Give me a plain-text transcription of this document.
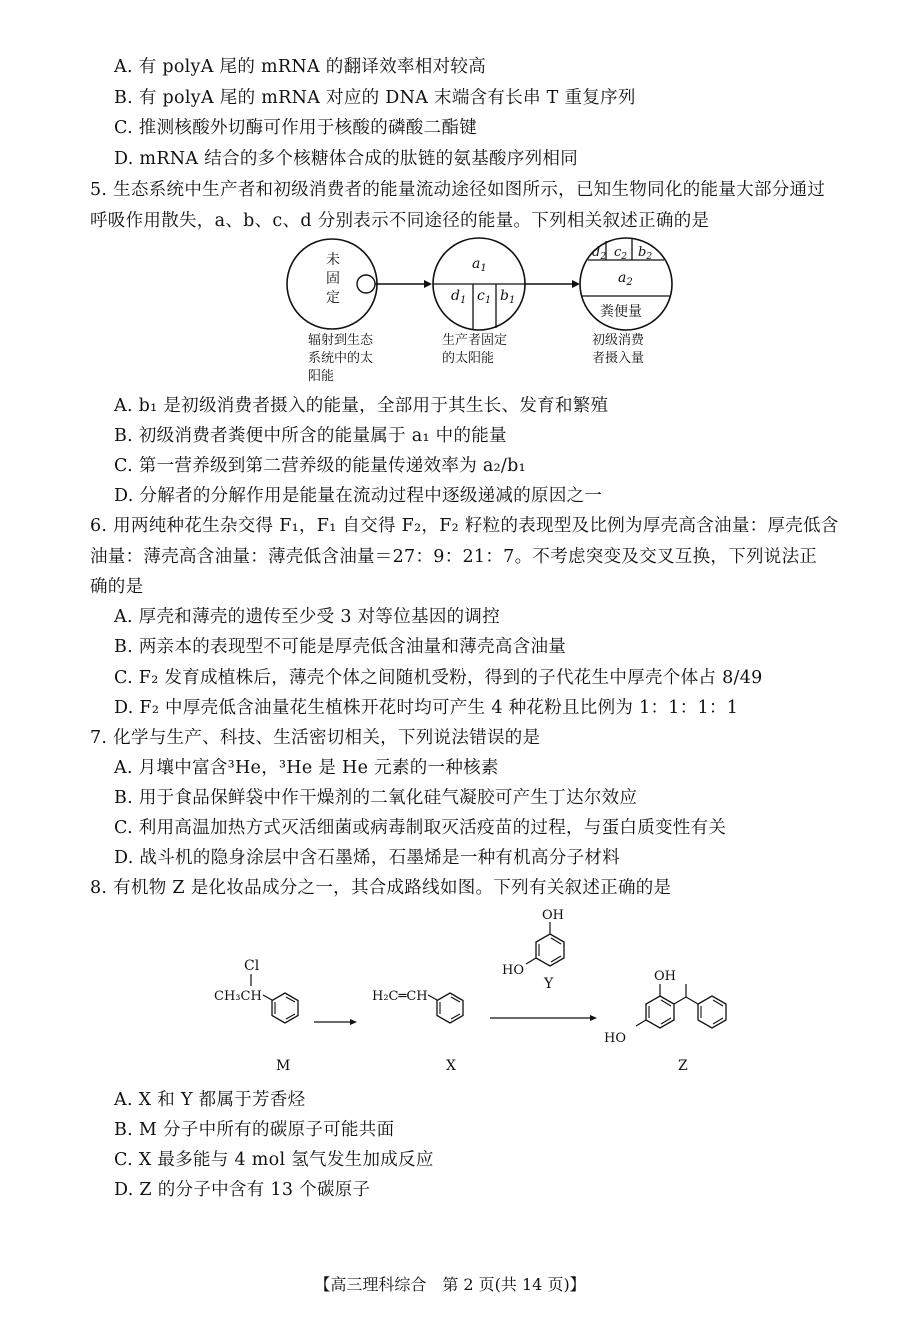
A. 有 polyA 尾的 mRNA 的翻译效率相对较高
B. 有 polyA 尾的 mRNA 对应的 DNA 末端含有长串 T 重复序列
C. 推测核酸外切酶可作用于核酸的磷酸二酯键
D. mRNA 结合的多个核糖体合成的肽链的氨基酸序列相同
5. 生态系统中生产者和初级消费者的能量流动途径如图所示，已知生物同化的能量大部分通过
呼吸作用散失，a、b、c、d 分别表示不同途径的能量。下列相关叙述正确的是
未
固
定
辐射到生态
系统中的太
阳能
$a_1$
$d_1$ $c_1$ $b_1$
生产者固定
的太阳能
$d_2$ $c_2$ $b_2$
$a_2$
粪便量
初级消费
者摄入量
A. b₁ 是初级消费者摄入的能量，全部用于其生长、发育和繁殖
B. 初级消费者粪便中所含的能量属于 a₁ 中的能量
C. 第一营养级到第二营养级的能量传递效率为 a₂/b₁
D. 分解者的分解作用是能量在流动过程中逐级递减的原因之一
6. 用两纯种花生杂交得 F₁，F₁ 自交得 F₂，F₂ 籽粒的表现型及比例为厚壳高含油量：厚壳低含
油量：薄壳高含油量：薄壳低含油量＝27：9：21：7。不考虑突变及交叉互换，下列说法正
确的是
A. 厚壳和薄壳的遗传至少受 3 对等位基因的调控
B. 两亲本的表现型不可能是厚壳低含油量和薄壳高含油量
C. F₂ 发育成植株后，薄壳个体之间随机受粉，得到的子代花生中厚壳个体占 8/49
D. F₂ 中厚壳低含油量花生植株开花时均可产生 4 种花粉且比例为 1：1：1：1
7. 化学与生产、科技、生活密切相关，下列说法错误的是
A. 月壤中富含³He，³He 是 He 元素的一种核素
B. 用于食品保鲜袋中作干燥剂的二氧化硅气凝胶可产生丁达尔效应
C. 利用高温加热方式灭活细菌或病毒制取灭活疫苗的过程，与蛋白质变性有关
D. 战斗机的隐身涂层中含石墨烯，石墨烯是一种有机高分子材料
8. 有机物 Z 是化妆品成分之一，其合成路线如图。下列有关叙述正确的是
Cl
CH₃CH
M
H₂C═CH
X
OH
HO
Y	OH
HO
Z
A. X 和 Y 都属于芳香烃
B. M 分子中所有的碳原子可能共面
C. X 最多能与 4 mol 氢气发生加成反应
D. Z 的分子中含有 13 个碳原子
【高三理科综合　第 2 页(共 14 页)】
